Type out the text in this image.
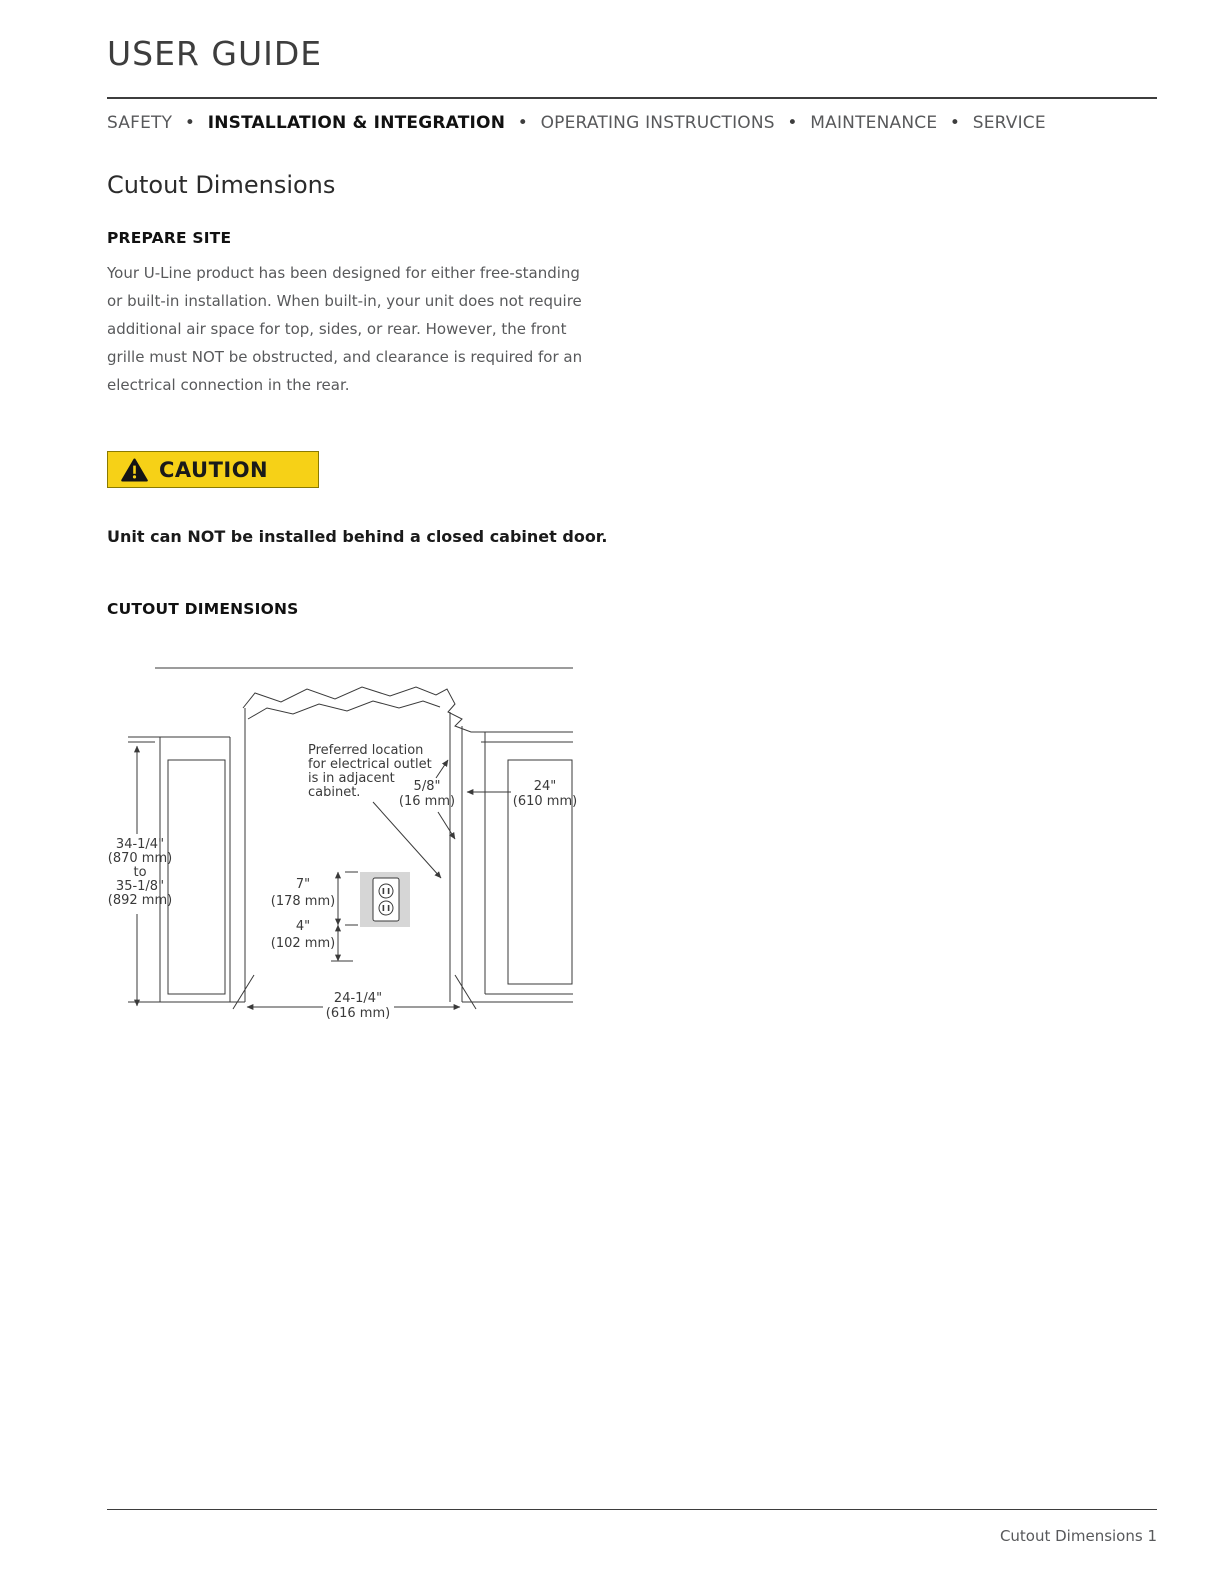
USER GUIDE
SAFETY • INSTALLATION & INTEGRATION • OPERATING INSTRUCTIONS • MAINTENANCE • SERVICE
Cutout Dimensions
PREPARE SITE

Your U-Line product has been designed for either free-standing or built-in installation. When built-in, your unit does not require additional air space for top, sides, or rear. However, the front grille must NOT be obstructed, and clearance is required for an electrical connection in the rear.

CAUTION

Unit can NOT be installed behind a closed cabinet door.

CUTOUT DIMENSIONS
Preferred location
for electrical outlet
is in adjacent
cabinet.
34-1/4"
(870 mm)
to
35-1/8"
(892 mm)
5/8"
(16 mm)
24"
(610 mm)
7"
(178 mm)
4"
(102 mm)
24-1/4"
(616 mm)
Cutout Dimensions 1
